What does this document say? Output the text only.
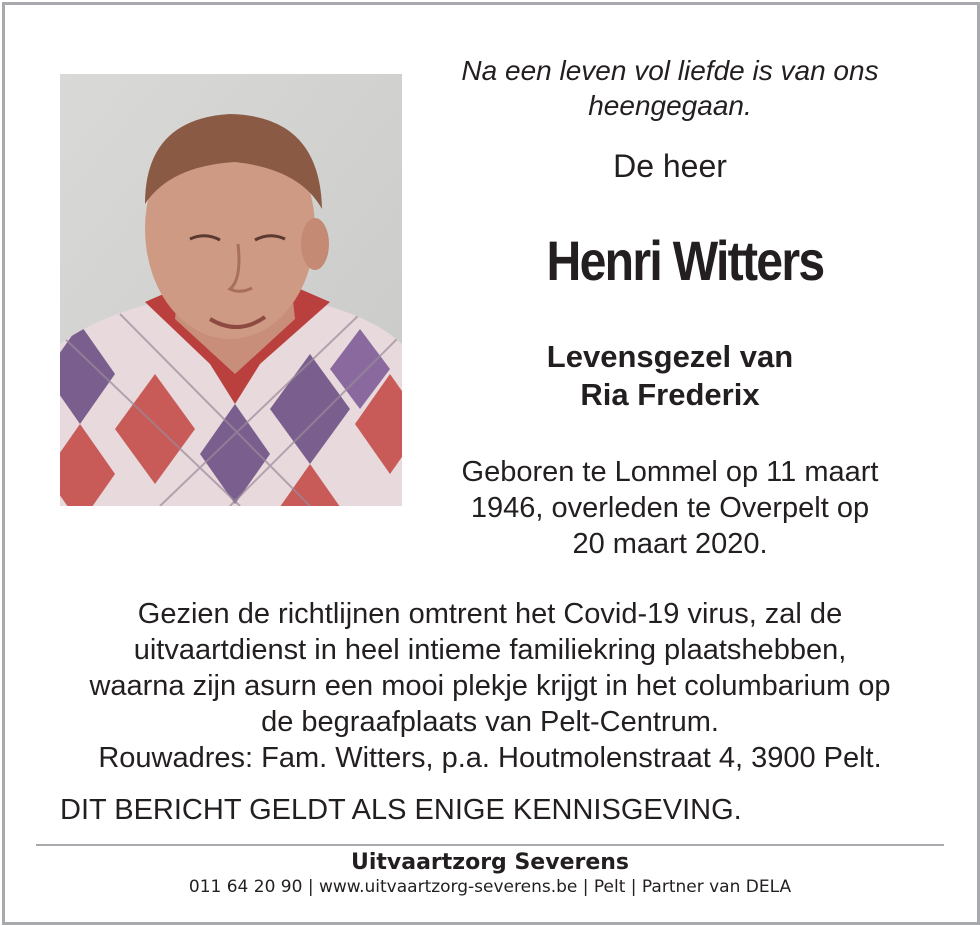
Na een leven vol liefde is van ons
heengegaan.
De heer
Henri Witters
Levensgezel van
Ria Frederix
Geboren te Lommel op 11 maart
1946, overleden te Overpelt op
20 maart 2020.
Gezien de richtlijnen omtrent het Covid-19 virus, zal de
uitvaartdienst in heel intieme familiekring plaatshebben,
waarna zijn asurn een mooi plekje krijgt in het columbarium op
de begraafplaats van Pelt-Centrum.
Rouwadres: Fam. Witters, p.a. Houtmolenstraat 4, 3900 Pelt.
DIT BERICHT GELDT ALS ENIGE KENNISGEVING.
Uitvaartzorg Severens
011 64 20 90 | www.uitvaartzorg-severens.be | Pelt | Partner van DELA
